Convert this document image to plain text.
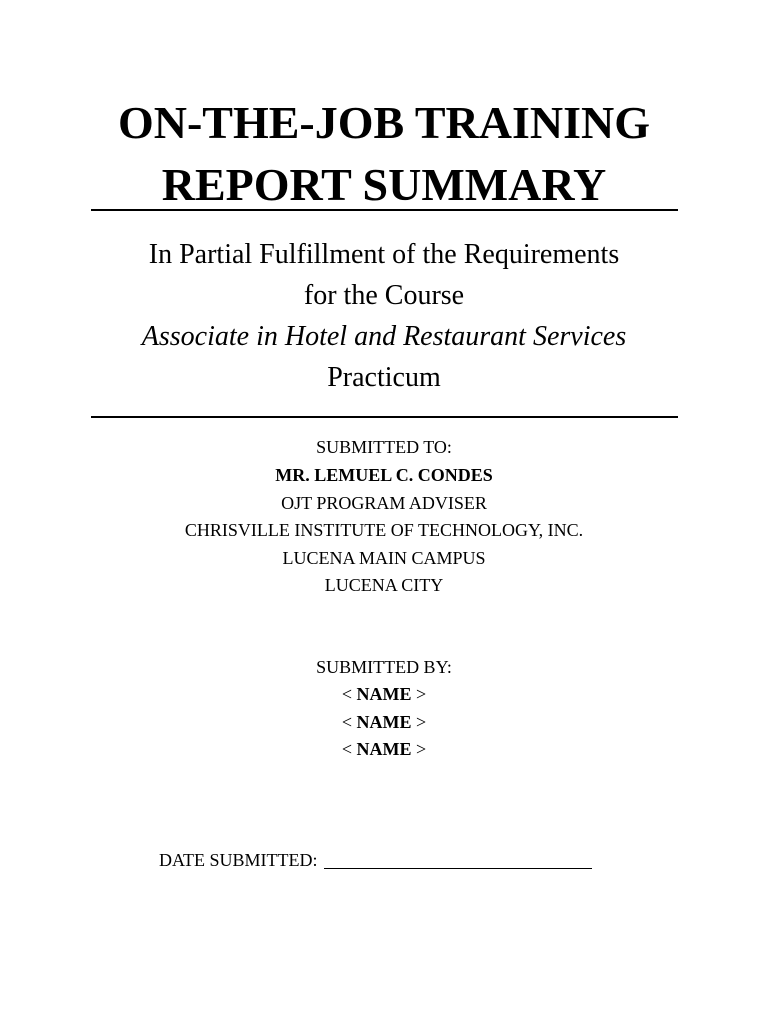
ON-THE-JOB TRAINING
REPORT SUMMARY
In Partial Fulfillment of the Requirements
for the Course
Associate in Hotel and Restaurant Services
Practicum
SUBMITTED TO:
MR. LEMUEL C. CONDES
OJT PROGRAM ADVISER
CHRISVILLE INSTITUTE OF TECHNOLOGY, INC.
LUCENA MAIN CAMPUS
LUCENA CITY
SUBMITTED BY:
< NAME >
< NAME >
< NAME >
DATE SUBMITTED:
